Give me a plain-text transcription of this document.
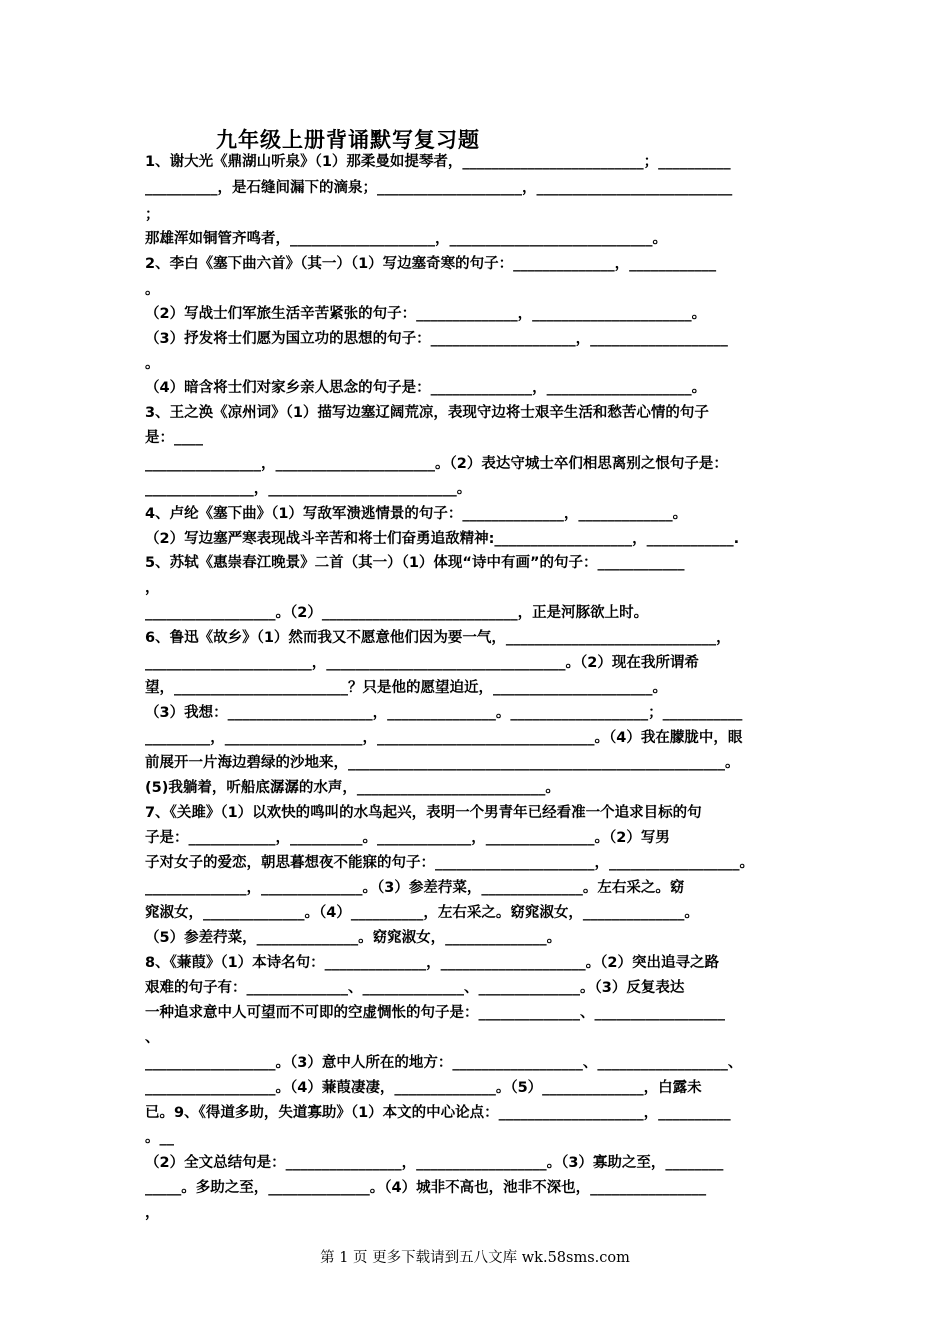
九年级上册背诵默写复习题
1、谢大光《鼎湖山听泉》（1）那柔曼如提琴者，_________________________；__________
__________，是石缝间漏下的滴泉；____________________，___________________________
；
那雄浑如铜管齐鸣者，____________________，____________________________。
2、李白《塞下曲六首》（其一）（1）写边塞奇寒的句子：______________，____________
。
（2）写战士们军旅生活辛苦紧张的句子：______________，______________________。
（3）抒发将士们愿为国立功的思想的句子：____________________，___________________
。
（4）暗含将士们对家乡亲人思念的句子是：______________，____________________。
3、王之涣《凉州词》（1）描写边塞辽阔荒凉，表现守边将士艰辛生活和愁苦心情的句子
是：____
________________，______________________。（2）表达守城士卒们相思离别之恨句子是：
_______________，__________________________。
4、卢纶《塞下曲》（1）写敌军溃逃情景的句子：______________，_____________。
（2）写边塞严寒表现战斗辛苦和将士们奋勇追敌精神:___________________，____________.
5、苏轼《惠崇春江晚景》二首（其一）（1）体现“诗中有画”的句子：____________
，
__________________。（2）___________________________，正是河豚欲上时。
6、鲁迅《故乡》（1）然而我又不愿意他们因为要一气，_____________________________，
_______________________，_________________________________。（2）现在我所谓希
望，________________________？只是他的愿望迫近，______________________。
（3）我想：____________________，_______________。___________________；___________
_________，___________________，______________________________。（4）我在朦胧中，眼
前展开一片海边碧绿的沙地来，____________________________________________________。
(5)我躺着，听船底潺潺的水声，__________________________。
7、《关雎》（1）以欢快的鸣叫的水鸟起兴，表明一个男青年已经看准一个追求目标的句
子是：____________，__________。_____________，_______________。（2）写男
子对女子的爱恋，朝思暮想夜不能寐的句子：______________________，__________________。
______________，______________。（3）参差荇菜，______________。左右采之。窈
窕淑女，______________。（4）__________，左右采之。窈窕淑女，______________。
（5）参差荇菜，______________。窈窕淑女，______________。
8、《蒹葭》（1）本诗名句：______________，____________________。（2）突出追寻之路
艰难的句子有：______________、______________、______________。（3）反复表达
一种追求意中人可望而不可即的空虚惆怅的句子是：______________、__________________
、
__________________。（3）意中人所在的地方：__________________、__________________、
__________________。（4）蒹葭凄凄，______________。（5）______________，白露未
已。9、《得道多助，失道寡助》（1）本文的中心论点：____________________，__________
。__
（2）全文总结句是：________________，__________________。（3）寡助之至，________
_____。多助之至，______________。（4）城非不高也，池非不深也，________________
，
第 1 页 更多下载请到五八文库 wk.58sms.com
